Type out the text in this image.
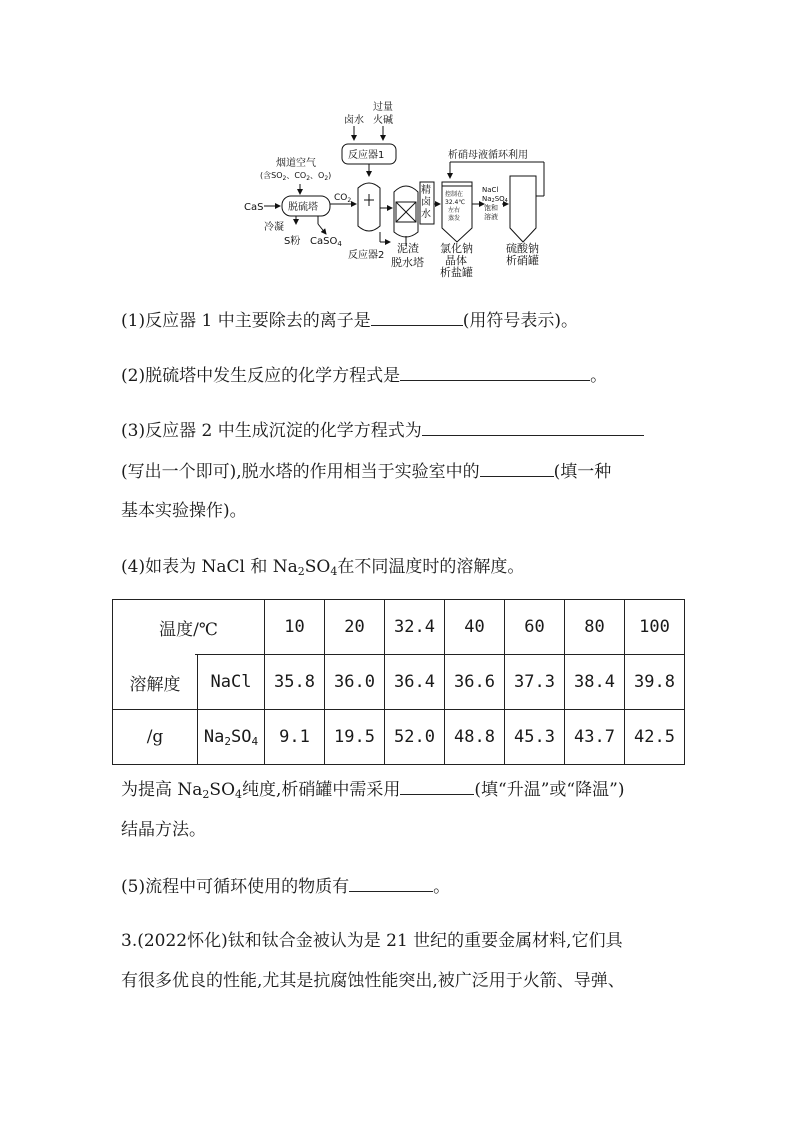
过量
卤水 火碱
反应器1	析硝母液循环利用
烟道空气
(含$SO_2$、$CO_2$、$O_2$)
CaS 脱硫塔
$CO_2$
冷凝
S粉 CaSO$_4$
反应器2
泥渣
脱水塔
精
卤
水
控制在
32.4℃
左右
蒸发
氯化钠
晶体
析盐罐
NaCl
Na2SO4
饱和
溶液
硫酸钠
析硝罐
(1)反应器 1 中主要除去的离子是	(用符号表示)。
(2)脱硫塔中发生反应的化学方程式是	。
(3)反应器 2 中生成沉淀的化学方程式为
(写出一个即可),脱水塔的作用相当于实验室中的	(填一种
基本实验操作)。
(4)如表为 NaCl 和 $Na_2SO_4$在不同温度时的溶解度。
温度/℃		10	20	32.4	40	60	80	100
溶解度	NaCl	35.8	36.0	36.4	36.6	37.3	38.4	39.8
/g	$Na_2SO_4$	9.1	19.5	52.0	48.8	45.3	43.7	42.5
为提高 $Na_2SO_4$纯度,析硝罐中需采用	(填“升温”或“降温”)
结晶方法。
(5)流程中可循环使用的物质有	。
3.(2022怀化)钛和钛合金被认为是 21 世纪的重要金属材料,它们具
有很多优良的性能,尤其是抗腐蚀性能突出,被广泛用于火箭、导弹、
